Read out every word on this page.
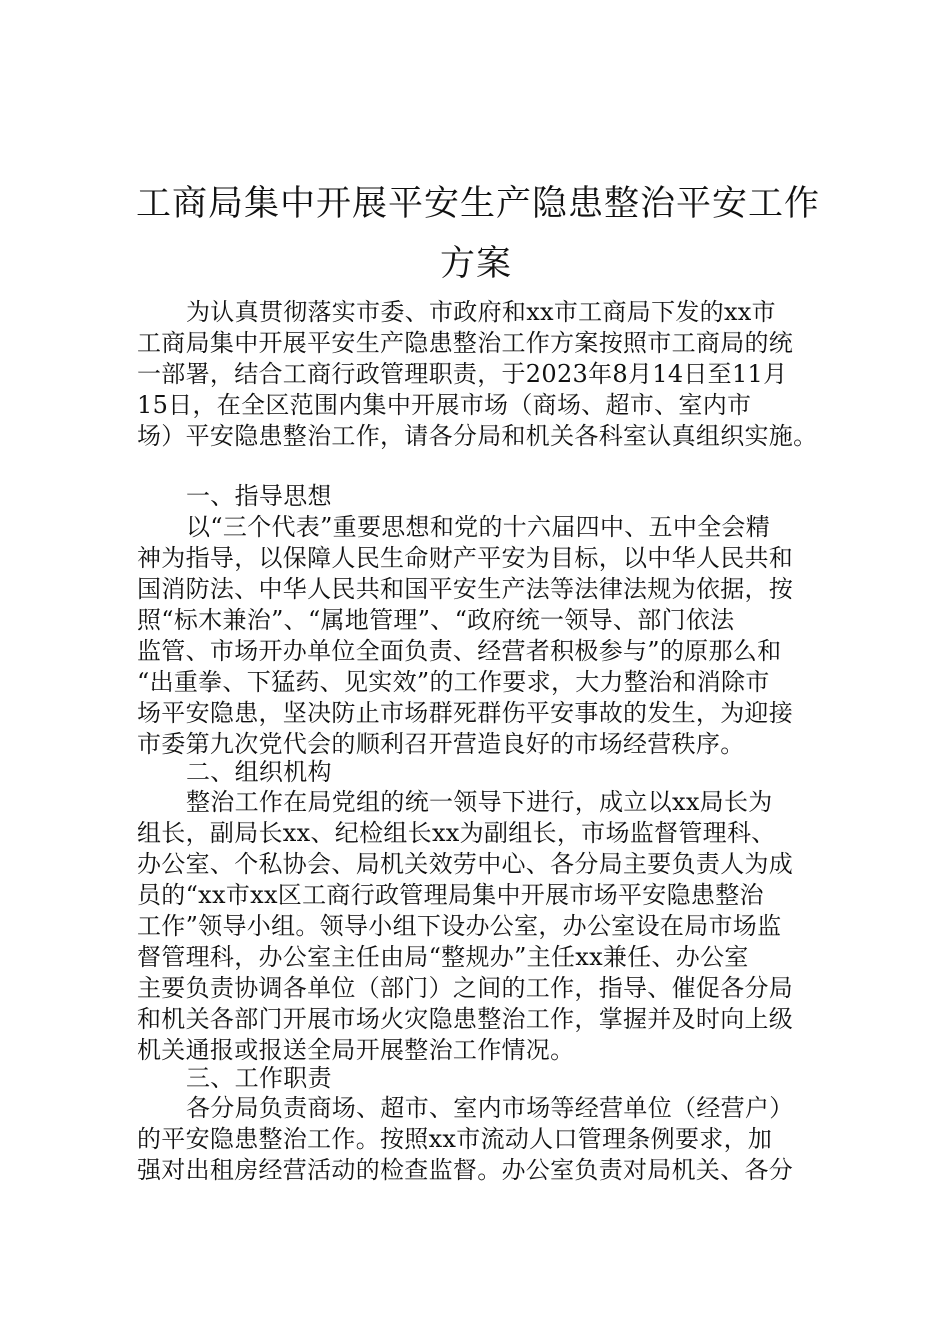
工商局集中开展平安生产隐患整治平安工作
方案
为认真贯彻落实市委、市政府和xx市工商局下发的xx市
工商局集中开展平安生产隐患整治工作方案按照市工商局的统
一部署，结合工商行政管理职责，于2023年8月14日至11月
15日，在全区范围内集中开展市场（商场、超市、室内市
场）平安隐患整治工作，请各分局和机关各科室认真组织实施。
一、指导思想
以“三个代表”重要思想和党的十六届四中、五中全会精
神为指导，以保障人民生命财产平安为目标，以中华人民共和
国消防法、中华人民共和国平安生产法等法律法规为依据，按
照“标木兼治”、“属地管理”、“政府统一领导、部门依法
监管、市场开办单位全面负责、经营者积极参与”的原那么和
“出重拳、下猛药、见实效”的工作要求，大力整治和消除市
场平安隐患，坚决防止市场群死群伤平安事故的发生，为迎接
市委第九次党代会的顺利召开营造良好的市场经营秩序。
二、组织机构
整治工作在局党组的统一领导下进行，成立以xx局长为
组长，副局长xx、纪检组长xx为副组长，市场监督管理科、
办公室、个私协会、局机关效劳中心、各分局主要负责人为成
员的“xx市xx区工商行政管理局集中开展市场平安隐患整治
工作”领导小组。领导小组下设办公室，办公室设在局市场监
督管理科，办公室主任由局“整规办”主任xx兼任、办公室
主要负责协调各单位（部门）之间的工作，指导、催促各分局
和机关各部门开展市场火灾隐患整治工作，掌握并及时向上级
机关通报或报送全局开展整治工作情况。
三、工作职责
各分局负责商场、超市、室内市场等经营单位（经营户）
的平安隐患整治工作。按照xx市流动人口管理条例要求，加
强对出租房经营活动的检查监督。办公室负责对局机关、各分
